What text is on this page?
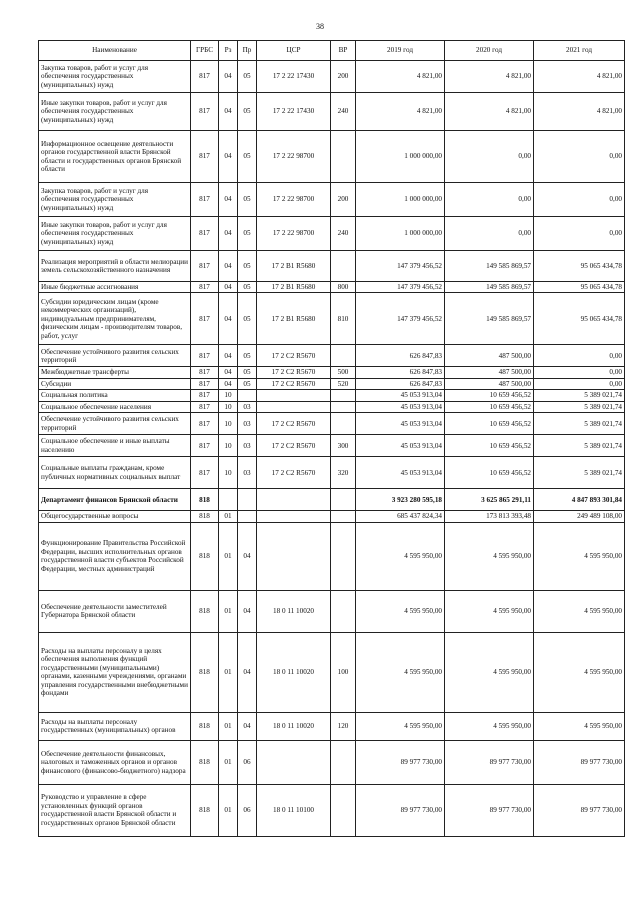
38
Наименование	ГРБС	Рз	Пр	ЦСР	ВР	2019 год	2020 год	2021 год
Закупка товаров, работ и услуг для обеспечения государственных (муниципальных) нужд	817	04	05	17 2 22 17430	200	4 821,00	4 821,00	4 821,00
Иные закупки товаров, работ и услуг для обеспечения государственных (муниципальных) нужд	817	04	05	17 2 22 17430	240	4 821,00	4 821,00	4 821,00
Информационное освещение деятельности органов государственной власти Брянской области и государственных органов Брянской области	817	04	05	17 2 22 98700		1 000 000,00	0,00	0,00
Закупка товаров, работ и услуг для обеспечения государственных (муниципальных) нужд	817	04	05	17 2 22 98700	200	1 000 000,00	0,00	0,00
Иные закупки товаров, работ и услуг для обеспечения государственных (муниципальных) нужд	817	04	05	17 2 22 98700	240	1 000 000,00	0,00	0,00
Реализация мероприятий в области мелиорации земель сельскохозяйственного назначения	817	04	05	17 2 B1 R5680		147 379 456,52	149 585 869,57	95 065 434,78
Иные бюджетные ассигнования	817	04	05	17 2 B1 R5680	800	147 379 456,52	149 585 869,57	95 065 434,78
Субсидии юридическим лицам (кроме некоммерческих организаций), индивидуальным предпринимателям, физическим лицам - производителям товаров, работ, услуг	817	04	05	17 2 B1 R5680	810	147 379 456,52	149 585 869,57	95 065 434,78
Обеспечение устойчивого развития сельских территорий	817	04	05	17 2 C2 R5670		626 847,83	487 500,00	0,00
Межбюджетные трансферты	817	04	05	17 2 C2 R5670	500	626 847,83	487 500,00	0,00
Субсидии	817	04	05	17 2 C2 R5670	520	626 847,83	487 500,00	0,00
Социальная политика	817	10				45 053 913,04	10 659 456,52	5 389 021,74
Социальное обеспечение населения	817	10	03			45 053 913,04	10 659 456,52	5 389 021,74
Обеспечение устойчивого развития сельских территорий	817	10	03	17 2 C2 R5670		45 053 913,04	10 659 456,52	5 389 021,74
Социальное обеспечение и иные выплаты населению	817	10	03	17 2 C2 R5670	300	45 053 913,04	10 659 456,52	5 389 021,74
Социальные выплаты гражданам, кроме публичных нормативных социальных выплат	817	10	03	17 2 C2 R5670	320	45 053 913,04	10 659 456,52	5 389 021,74
Департамент финансов Брянской области	818					3 923 280 595,18	3 625 865 291,11	4 847 893 301,84
Общегосударственные вопросы	818	01				685 437 824,34	173 813 393,48	249 489 108,00
Функционирование Правительства Российской Федерации, высших исполнительных органов государственной власти субъектов Российской Федерации, местных администраций	818	01	04			4 595 950,00	4 595 950,00	4 595 950,00
Обеспечение деятельности заместителей Губернатора Брянской области	818	01	04	18 0 11 10020		4 595 950,00	4 595 950,00	4 595 950,00
Расходы на выплаты персоналу в целях обеспечения выполнения функций государственными (муниципальными) органами, казенными учреждениями, органами управления государственными внебюджетными фондами	818	01	04	18 0 11 10020	100	4 595 950,00	4 595 950,00	4 595 950,00
Расходы на выплаты персоналу государственных (муниципальных) органов	818	01	04	18 0 11 10020	120	4 595 950,00	4 595 950,00	4 595 950,00
Обеспечение деятельности финансовых, налоговых и таможенных органов и органов финансового (финансово-бюджетного) надзора	818	01	06			89 977 730,00	89 977 730,00	89 977 730,00
Руководство и управление в сфере установленных функций органов государственной власти Брянской области и государственных органов Брянской области	818	01	06	18 0 11 10100		89 977 730,00	89 977 730,00	89 977 730,00
